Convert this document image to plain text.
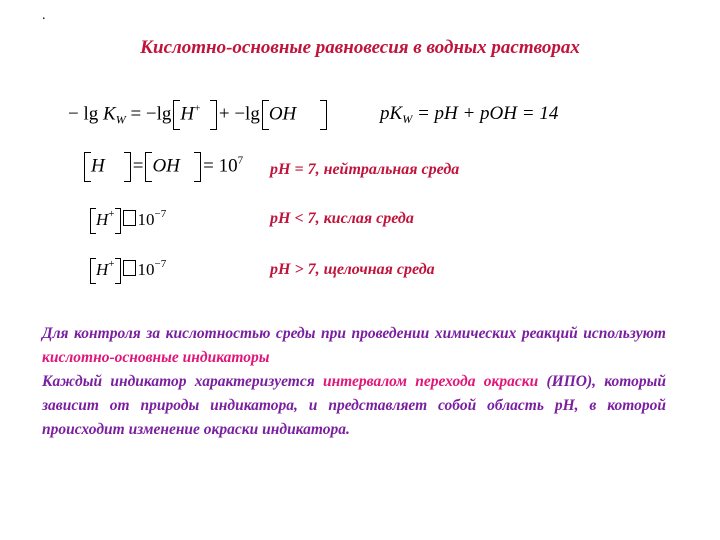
.
Кислотно-основные равновесия в водных растворах
− $\lg K_W = -\lg$ H+ + −lg OH	$pK_W$ = pH + pOH = 14
H = OH = $10^7$
pH = 7, нейтральная среда
H+ $10^{-7}$	pH < 7, кислая среда
H+ $10^{-7}$	pH > 7, щелочная среда
Для контроля за кислотностью среды при проведении химических реакций используют кислотно-основные индикаторы
Каждый индикатор характеризуется интервалом перехода окраски (ИПО), который зависит от природы индикатора, и представляет собой область pH, в которой происходит изменение окраски индикатора.
